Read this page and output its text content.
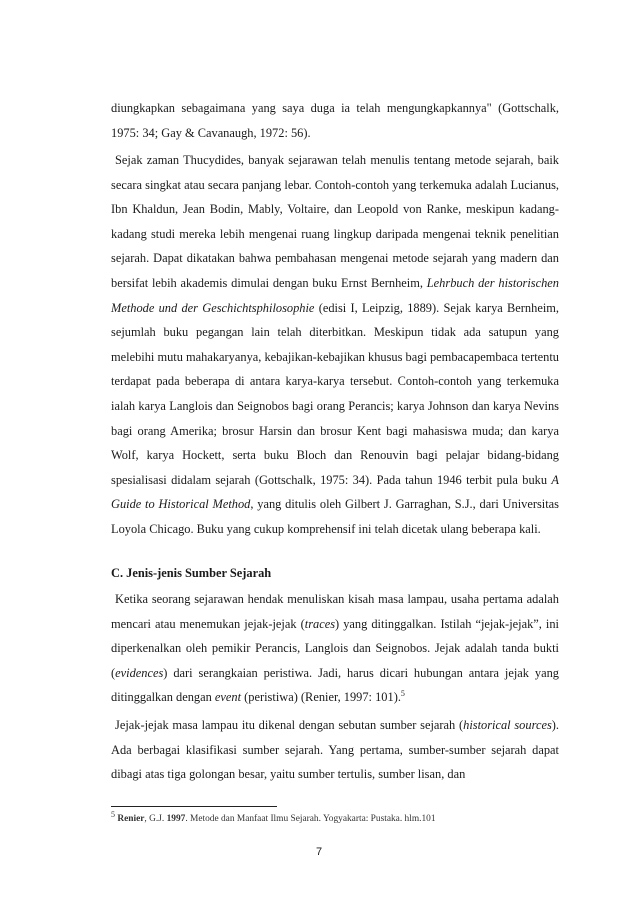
diungkapkan sebagaimana yang saya duga ia telah mengungkapkannya" (Gottschalk, 1975: 34; Gay & Cavanaugh, 1972: 56).

Sejak zaman Thucydides, banyak sejarawan telah menulis tentang metode sejarah, baik secara singkat atau secara panjang lebar. Contoh-contoh yang terkemuka adalah Lucianus, Ibn Khaldun, Jean Bodin, Mably, Voltaire, dan Leopold von Ranke, meskipun kadang-kadang studi mereka lebih mengenai ruang lingkup daripada mengenai teknik penelitian sejarah. Dapat dikatakan bahwa pembahasan mengenai metode sejarah yang madern dan bersifat lebih akademis dimulai dengan buku Ernst Bernheim, Lehrbuch der historischen Methode und der Geschichtsphilosophie (edisi I, Leipzig, 1889). Sejak karya Bernheim, sejumlah buku pegangan lain telah diterbitkan. Meskipun tidak ada satupun yang melebihi mutu mahakaryanya, kebajikan-kebajikan khusus bagi pembacapembaca tertentu terdapat pada beberapa di antara karya-karya tersebut. Contoh-contoh yang terkemuka ialah karya Langlois dan Seignobos bagi orang Perancis; karya Johnson dan karya Nevins bagi orang Amerika; brosur Harsin dan brosur Kent bagi mahasiswa muda; dan karya Wolf, karya Hockett, serta buku Bloch dan Renouvin bagi pelajar bidang-bidang spesialisasi didalam sejarah (Gottschalk, 1975: 34). Pada tahun 1946 terbit pula buku A Guide to Historical Method, yang ditulis oleh Gilbert J. Garraghan, S.J., dari Universitas Loyola Chicago. Buku yang cukup komprehensif ini telah dicetak ulang beberapa kali.

C. Jenis-jenis Sumber Sejarah

Ketika seorang sejarawan hendak menuliskan kisah masa lampau, usaha pertama adalah mencari atau menemukan jejak-jejak (traces) yang ditinggalkan. Istilah “jejak-jejak”, ini diperkenalkan oleh pemikir Perancis, Langlois dan Seignobos. Jejak adalah tanda bukti (evidences) dari serangkaian peristiwa. Jadi, harus dicari hubungan antara jejak yang ditinggalkan dengan event (peristiwa) (Renier, 1997: 101).$^5$

Jejak-jejak masa lampau itu dikenal dengan sebutan sumber sejarah (historical sources). Ada berbagai klasifikasi sumber sejarah. Yang pertama, sumber-sumber sejarah dapat dibagi atas tiga golongan besar, yaitu sumber tertulis, sumber lisan, dan

$^5$ Renier, G.J. 1997. Metode dan Manfaat Ilmu Sejarah. Yogyakarta: Pustaka. hlm.101
7
